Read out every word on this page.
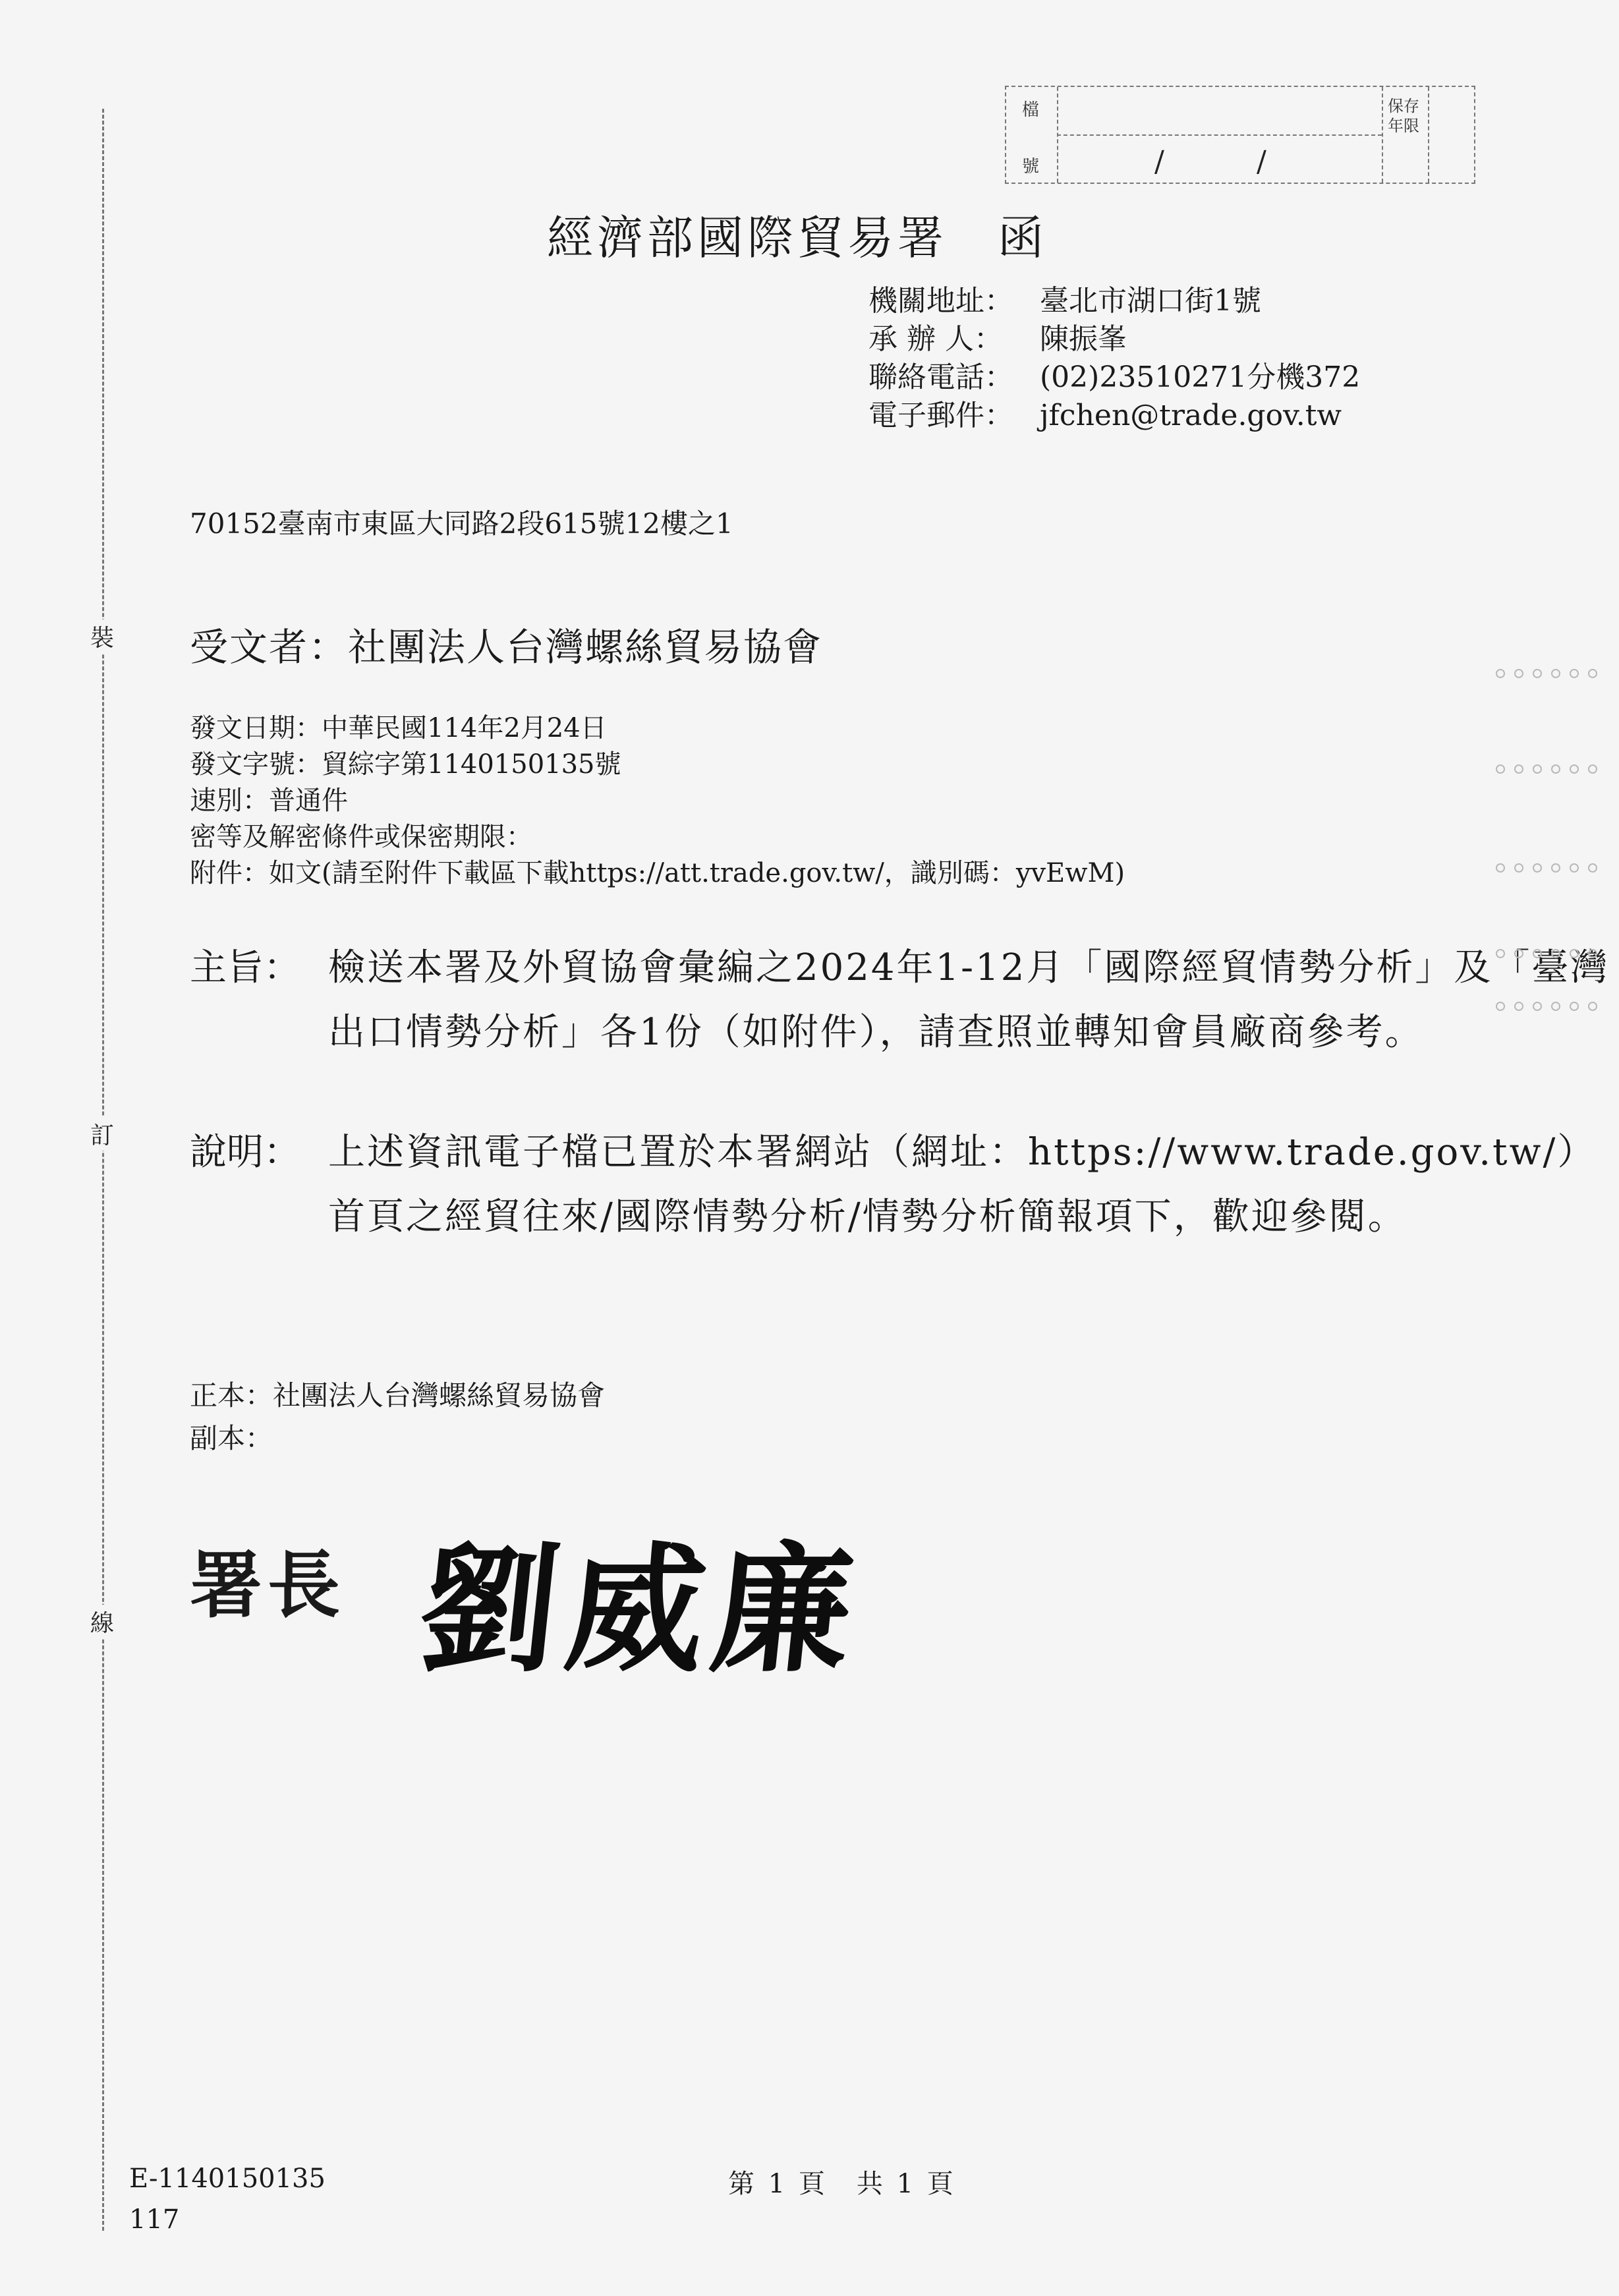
裝
訂
線
檔
號	/	/
保存年限
經濟部國際貿易署　函
機關地址： 臺北市湖口街1號
承 辦 人： 陳振峯
聯絡電話： (02)23510271分機372
電子郵件： jfchen@trade.gov.tw
70152臺南市東區大同路2段615號12樓之1
受文者：社團法人台灣螺絲貿易協會
發文日期：中華民國114年2月24日
發文字號：貿綜字第1140150135號
速別：普通件
密等及解密條件或保密期限：
附件：如文(請至附件下載區下載https://att.trade.gov.tw/，識別碼：yvEwM)
主旨： 檢送本署及外貿協會彙編之2024年1-12月「國際經貿情勢分析」及「臺灣出口情勢分析」各1份（如附件），請查照並轉知會員廠商參考。
說明： 上述資訊電子檔已置於本署網站（網址：https://www.trade.gov.tw/）首頁之經貿往來/國際情勢分析/情勢分析簡報項下，歡迎參閱。
正本：社團法人台灣螺絲貿易協會
副本：
署長 劉威廉
E-1140150135
117
第 1 頁　共 1 頁
